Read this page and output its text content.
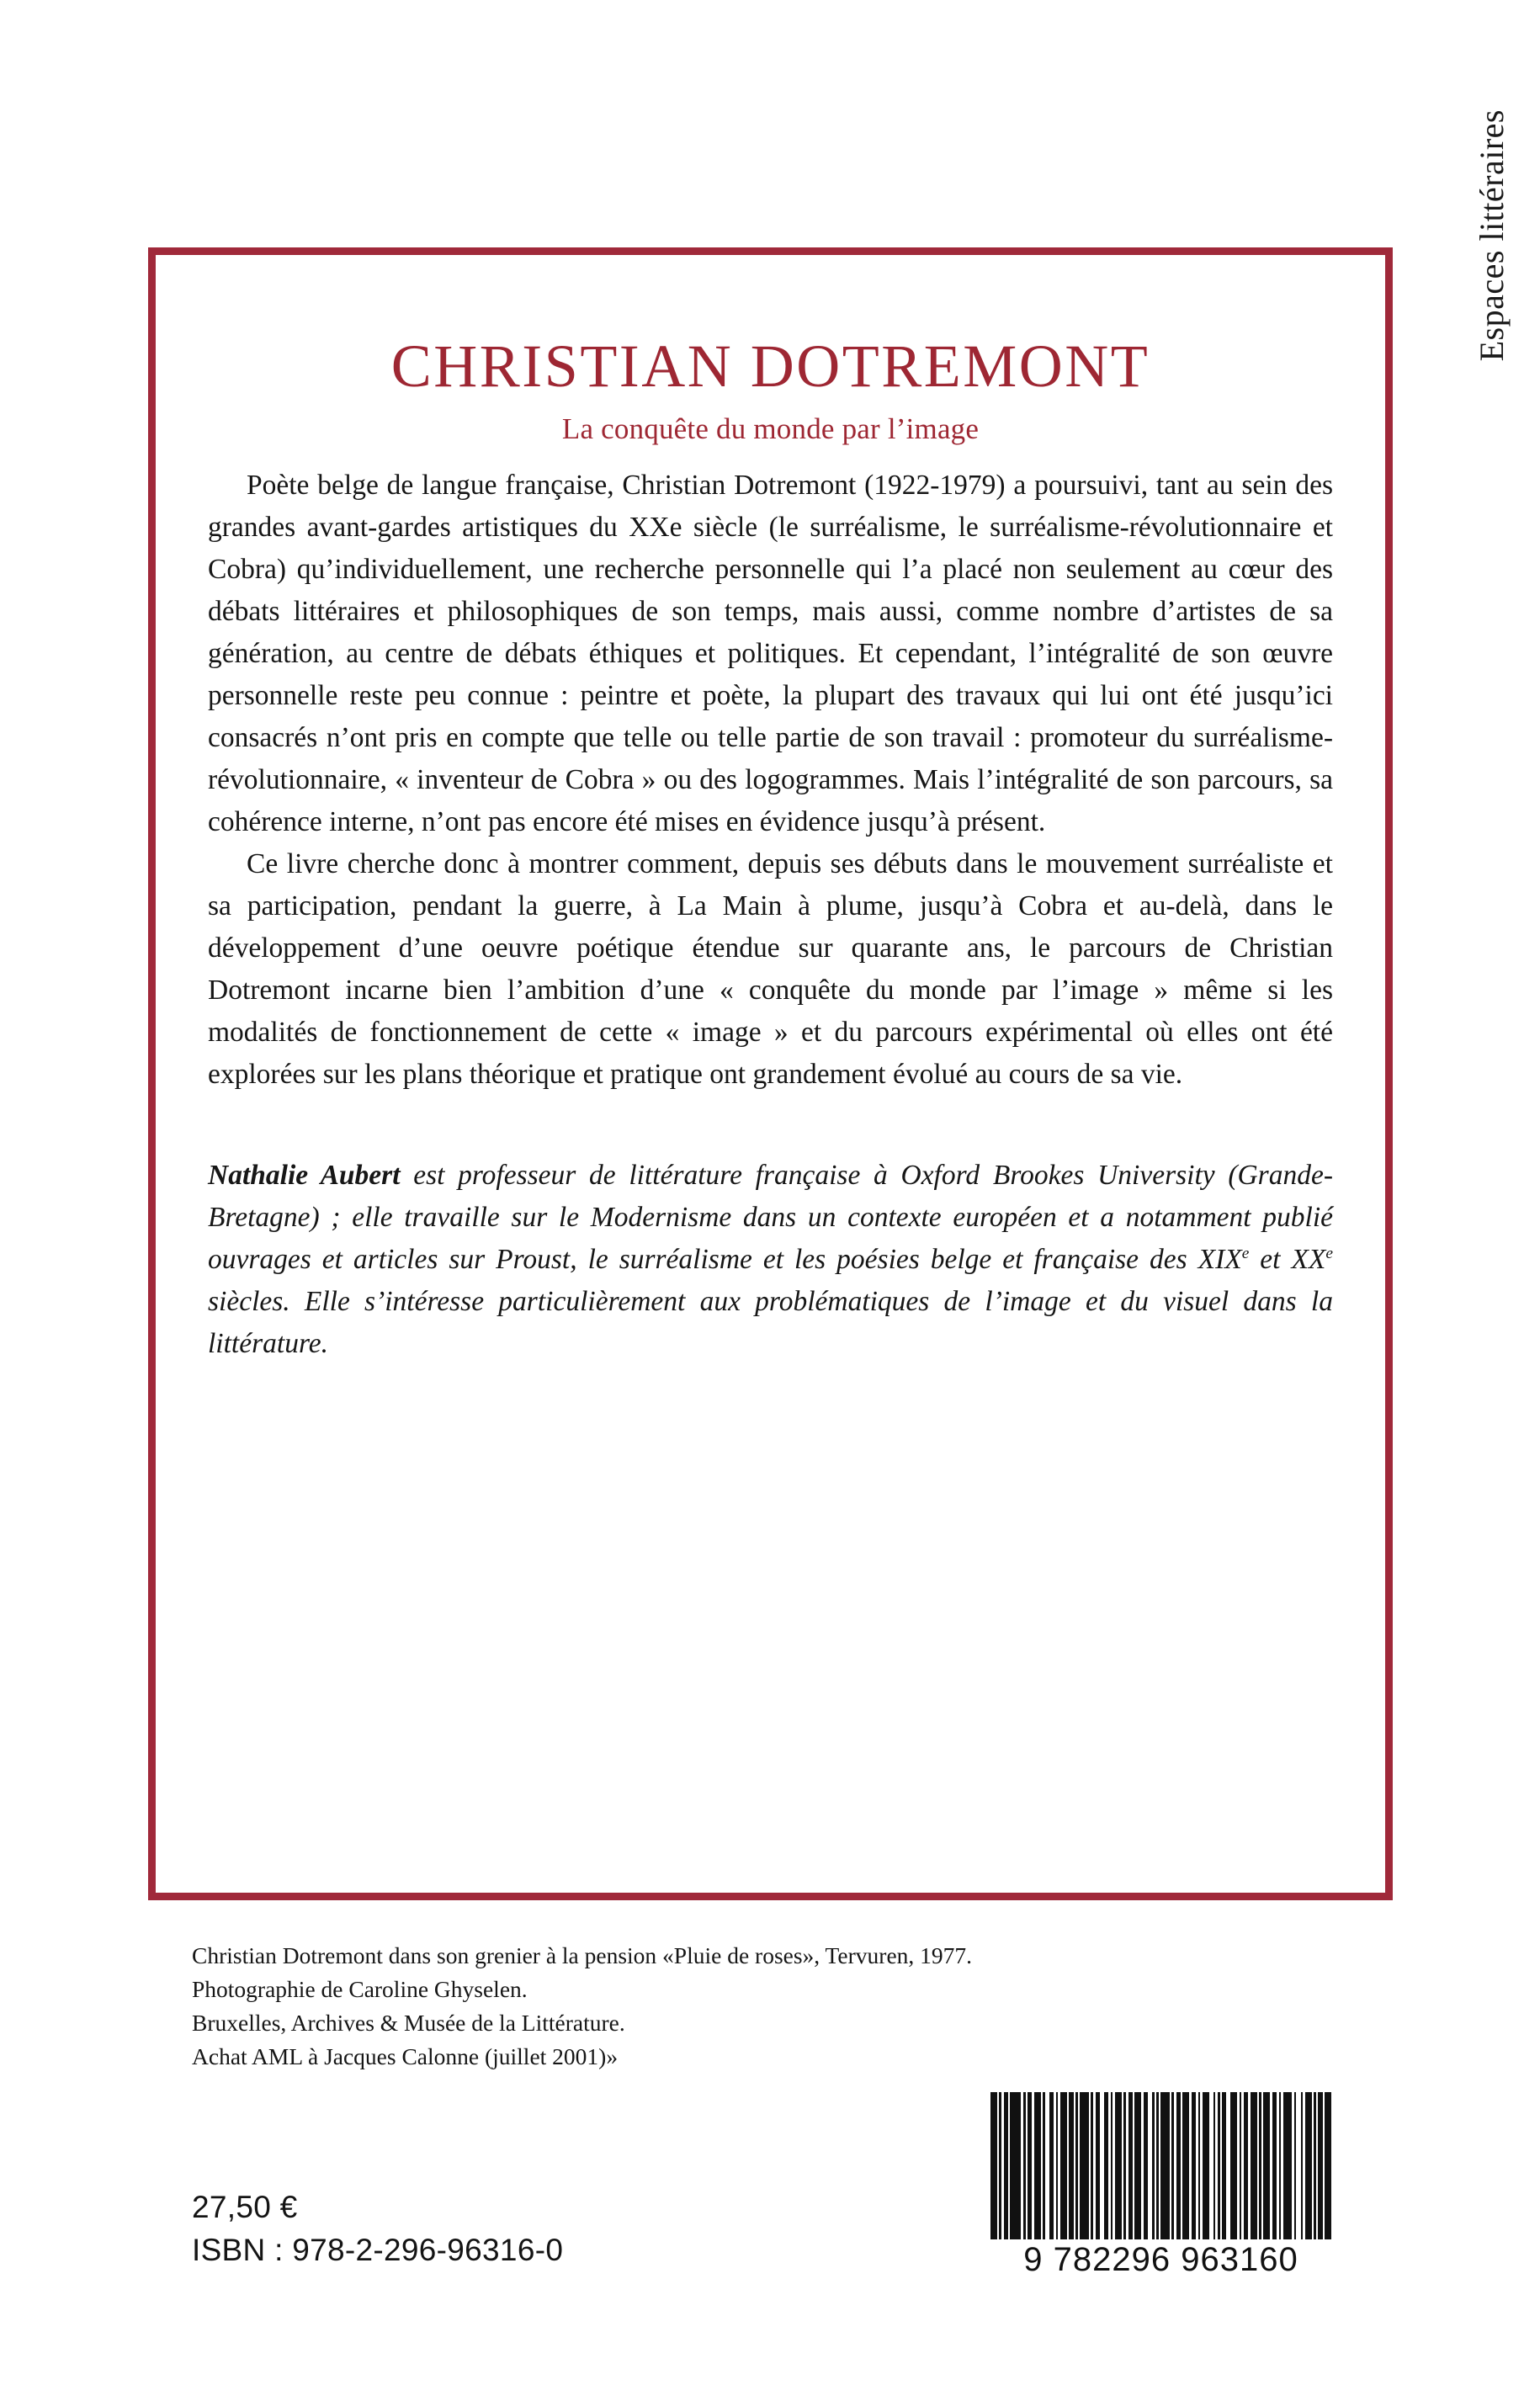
Espaces littéraires
CHRISTIAN DOTREMONT
La conquête du monde par l’image

Poète belge de langue française, Christian Dotremont (1922-1979) a poursuivi, tant au sein des grandes avant-gardes artistiques du XXe siècle (le surréalisme, le surréalisme-révolutionnaire et Cobra) qu’individuellement, une recherche personnelle qui l’a placé non seulement au cœur des débats littéraires et philosophiques de son temps, mais aussi, comme nombre d’artistes de sa génération, au centre de débats éthiques et politiques. Et cependant, l’intégralité de son œuvre personnelle reste peu connue : peintre et poète, la plupart des travaux qui lui ont été jusqu’ici consacrés n’ont pris en compte que telle ou telle partie de son travail : promoteur du surréalisme-révolutionnaire, « inventeur de Cobra » ou des logogrammes. Mais l’intégralité de son parcours, sa cohérence interne, n’ont pas encore été mises en évidence jusqu’à présent.

Ce livre cherche donc à montrer comment, depuis ses débuts dans le mouvement surréaliste et sa participation, pendant la guerre, à La Main à plume, jusqu’à Cobra et au-delà, dans le développement d’une oeuvre poétique étendue sur quarante ans, le parcours de Christian Dotremont incarne bien l’ambition d’une « conquête du monde par l’image » même si les modalités de fonctionnement de cette « image » et du parcours expérimental où elles ont été explorées sur les plans théorique et pratique ont grandement évolué au cours de sa vie.

Nathalie Aubert est professeur de littérature française à Oxford Brookes University (Grande-Bretagne) ; elle travaille sur le Modernisme dans un contexte européen et a notamment publié ouvrages et articles sur Proust, le surréalisme et les poésies belge et française des XIXe et XXe siècles. Elle s’intéresse particulièrement aux problématiques de l’image et du visuel dans la littérature.

Christian Dotremont dans son grenier à la pension «Pluie de roses», Tervuren, 1977.
Photographie de Caroline Ghyselen.
Bruxelles, Archives & Musée de la Littérature.
Achat AML à Jacques Calonne (juillet 2001)»
27,50 €
ISBN : 978-2-296-96316-0	9 782296 963160
